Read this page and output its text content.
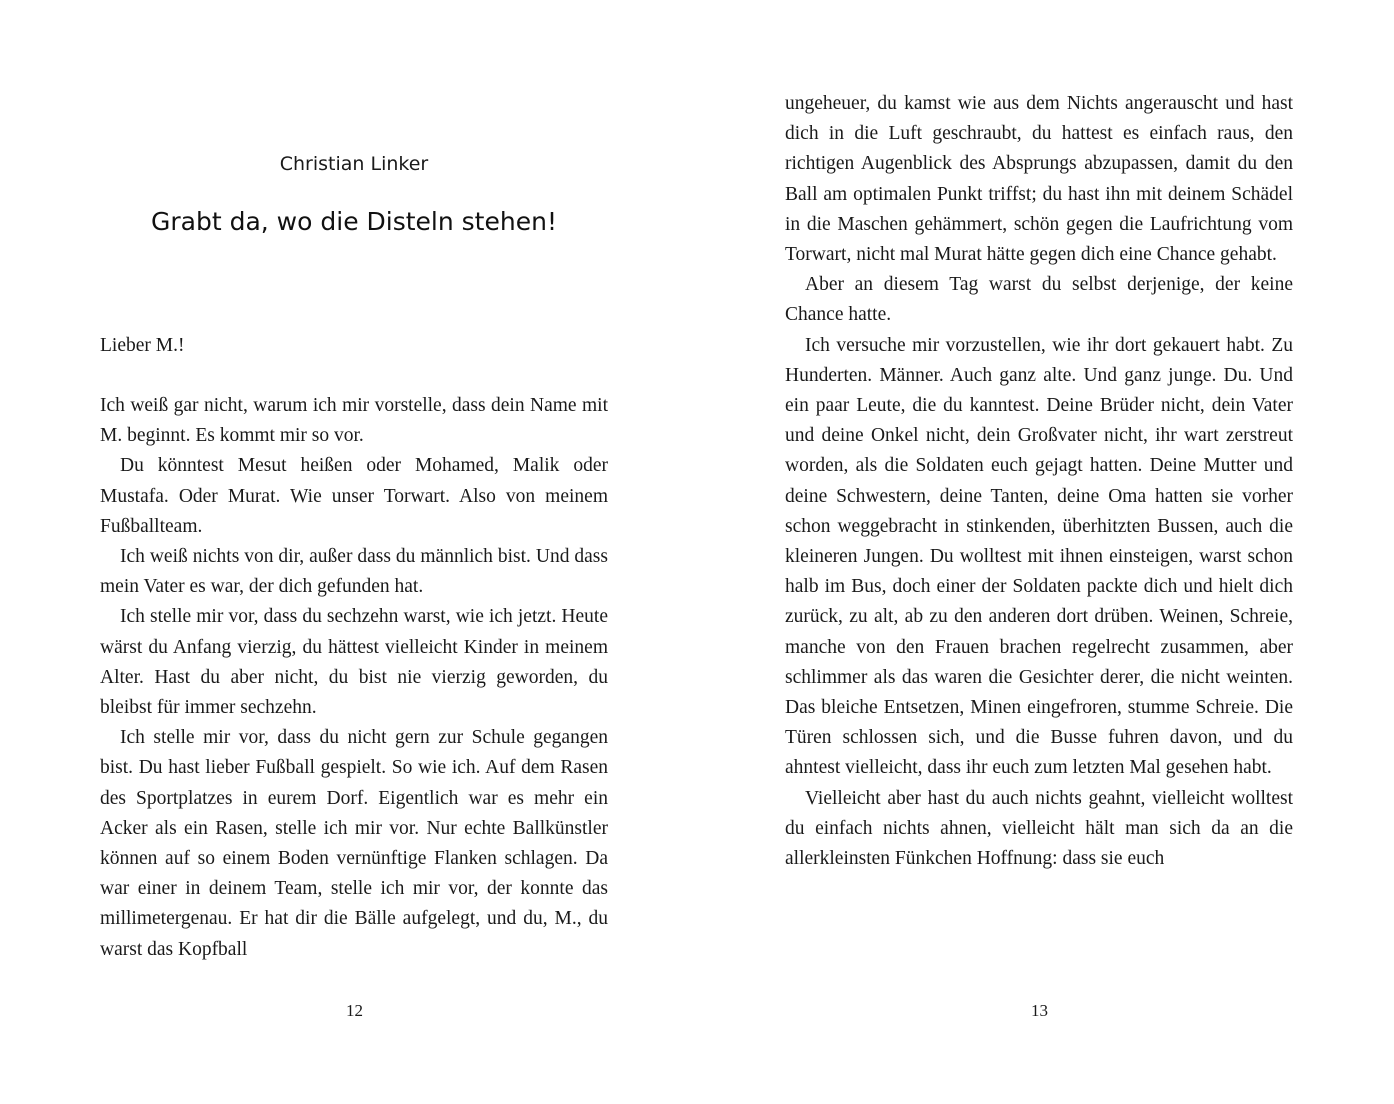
Christian Linker
Grabt da, wo die Disteln stehen!

Lieber M.!

Ich weiß gar nicht, warum ich mir vorstelle, dass dein Name mit M. beginnt. Es kommt mir so vor.

Du könntest Mesut heißen oder Mohamed, Malik oder Mustafa. Oder Murat. Wie unser Torwart. Also von meinem Fußballteam.

Ich weiß nichts von dir, außer dass du männlich bist. Und dass mein Vater es war, der dich gefunden hat.

Ich stelle mir vor, dass du sechzehn warst, wie ich jetzt. Heute wärst du Anfang vierzig, du hättest vielleicht Kinder in meinem Alter. Hast du aber nicht, du bist nie vierzig geworden, du bleibst für immer sechzehn.

Ich stelle mir vor, dass du nicht gern zur Schule gegangen bist. Du hast lieber Fußball gespielt. So wie ich. Auf dem Rasen des Sportplatzes in eurem Dorf. Eigentlich war es mehr ein Acker als ein Rasen, stelle ich mir vor. Nur echte Ballkünstler können auf so einem Boden vernünftige Flanken schlagen. Da war einer in deinem Team, stelle ich mir vor, der konnte das millimetergenau. Er hat dir die Bälle aufgelegt, und du, M., du warst das Kopfball

12

ungeheuer, du kamst wie aus dem Nichts angerauscht und hast dich in die Luft geschraubt, du hattest es einfach raus, den richtigen Augenblick des Absprungs abzupassen, damit du den Ball am optimalen Punkt triffst; du hast ihn mit deinem Schädel in die Maschen gehämmert, schön gegen die Laufrichtung vom Torwart, nicht mal Murat hätte gegen dich eine Chance gehabt.

Aber an diesem Tag warst du selbst derjenige, der keine Chance hatte.

Ich versuche mir vorzustellen, wie ihr dort gekauert habt. Zu Hunderten. Männer. Auch ganz alte. Und ganz junge. Du. Und ein paar Leute, die du kanntest. Deine Brüder nicht, dein Vater und deine Onkel nicht, dein Großvater nicht, ihr wart zerstreut worden, als die Soldaten euch gejagt hatten. Deine Mutter und deine Schwestern, deine Tanten, deine Oma hatten sie vorher schon weggebracht in stinkenden, überhitzten Bussen, auch die kleineren Jungen. Du wolltest mit ihnen einsteigen, warst schon halb im Bus, doch einer der Soldaten packte dich und hielt dich zurück, zu alt, ab zu den anderen dort drüben. Weinen, Schreie, manche von den Frauen brachen regelrecht zusammen, aber schlimmer als das waren die Gesichter derer, die nicht weinten. Das bleiche Entsetzen, Minen eingefroren, stumme Schreie. Die Türen schlossen sich, und die Busse fuhren davon, und du ahntest vielleicht, dass ihr euch zum letzten Mal gesehen habt.

Vielleicht aber hast du auch nichts geahnt, vielleicht wolltest du einfach nichts ahnen, vielleicht hält man sich da an die allerkleinsten Fünkchen Hoffnung: dass sie euch

13
